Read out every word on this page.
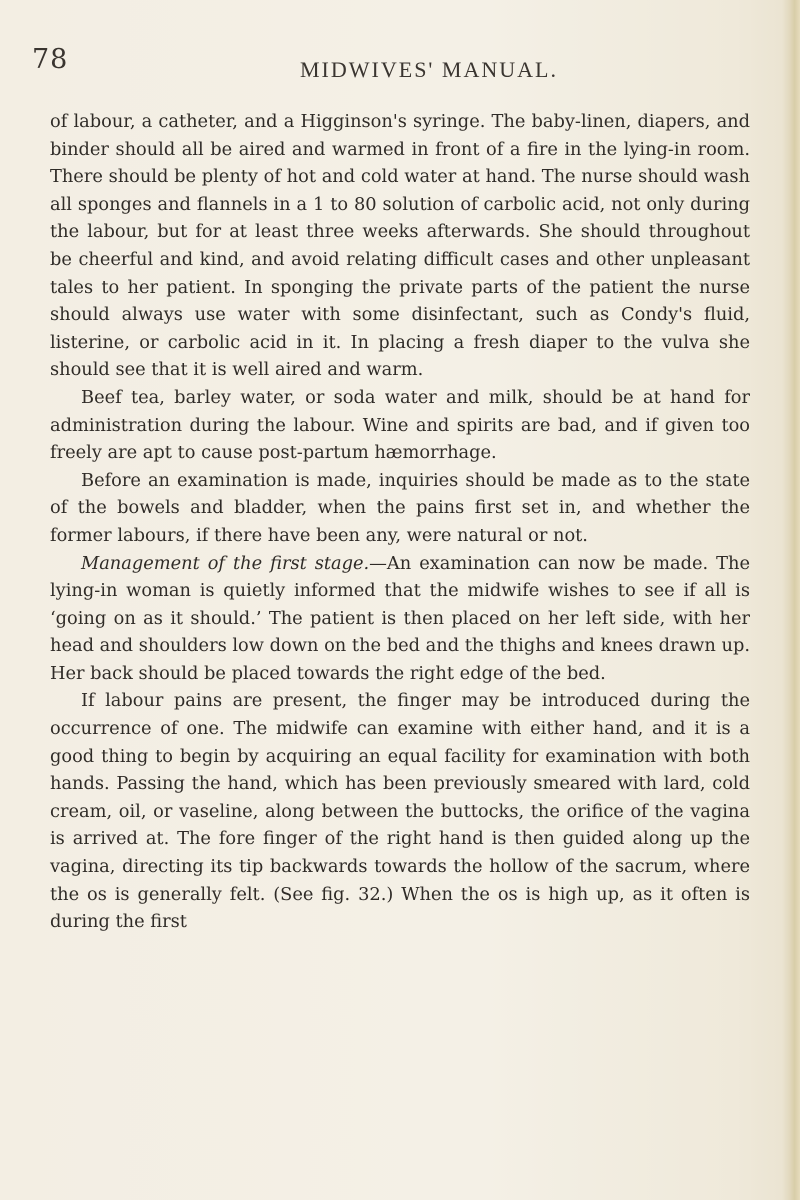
78	MIDWIVES' MANUAL.

of labour, a catheter, and a Higginson's syringe. The baby-linen, diapers, and binder should all be aired and warmed in front of a fire in the lying-in room. There should be plenty of hot and cold water at hand. The nurse should wash all sponges and flannels in a 1 to 80 solution of carbolic acid, not only during the labour, but for at least three weeks afterwards. She should throughout be cheerful and kind, and avoid relating difficult cases and other unpleasant tales to her patient. In sponging the private parts of the patient the nurse should always use water with some disinfectant, such as Condy's fluid, listerine, or carbolic acid in it. In placing a fresh diaper to the vulva she should see that it is well aired and warm.

Beef tea, barley water, or soda water and milk, should be at hand for administration during the labour. Wine and spirits are bad, and if given too freely are apt to cause post-partum hæmorrhage.

Before an examination is made, inquiries should be made as to the state of the bowels and bladder, when the pains first set in, and whether the former labours, if there have been any, were natural or not.

Management of the first stage.—An examination can now be made. The lying-in woman is quietly informed that the midwife wishes to see if all is ‘going on as it should.’ The patient is then placed on her left side, with her head and shoulders low down on the bed and the thighs and knees drawn up. Her back should be placed towards the right edge of the bed.

If labour pains are present, the finger may be introduced during the occurrence of one. The midwife can examine with either hand, and it is a good thing to begin by acquiring an equal facility for examination with both hands. Passing the hand, which has been previously smeared with lard, cold cream, oil, or vaseline, along between the buttocks, the orifice of the vagina is arrived at. The fore finger of the right hand is then guided along up the vagina, directing its tip backwards towards the hollow of the sacrum, where the os is generally felt. (See fig. 32.) When the os is high up, as it often is during the first
